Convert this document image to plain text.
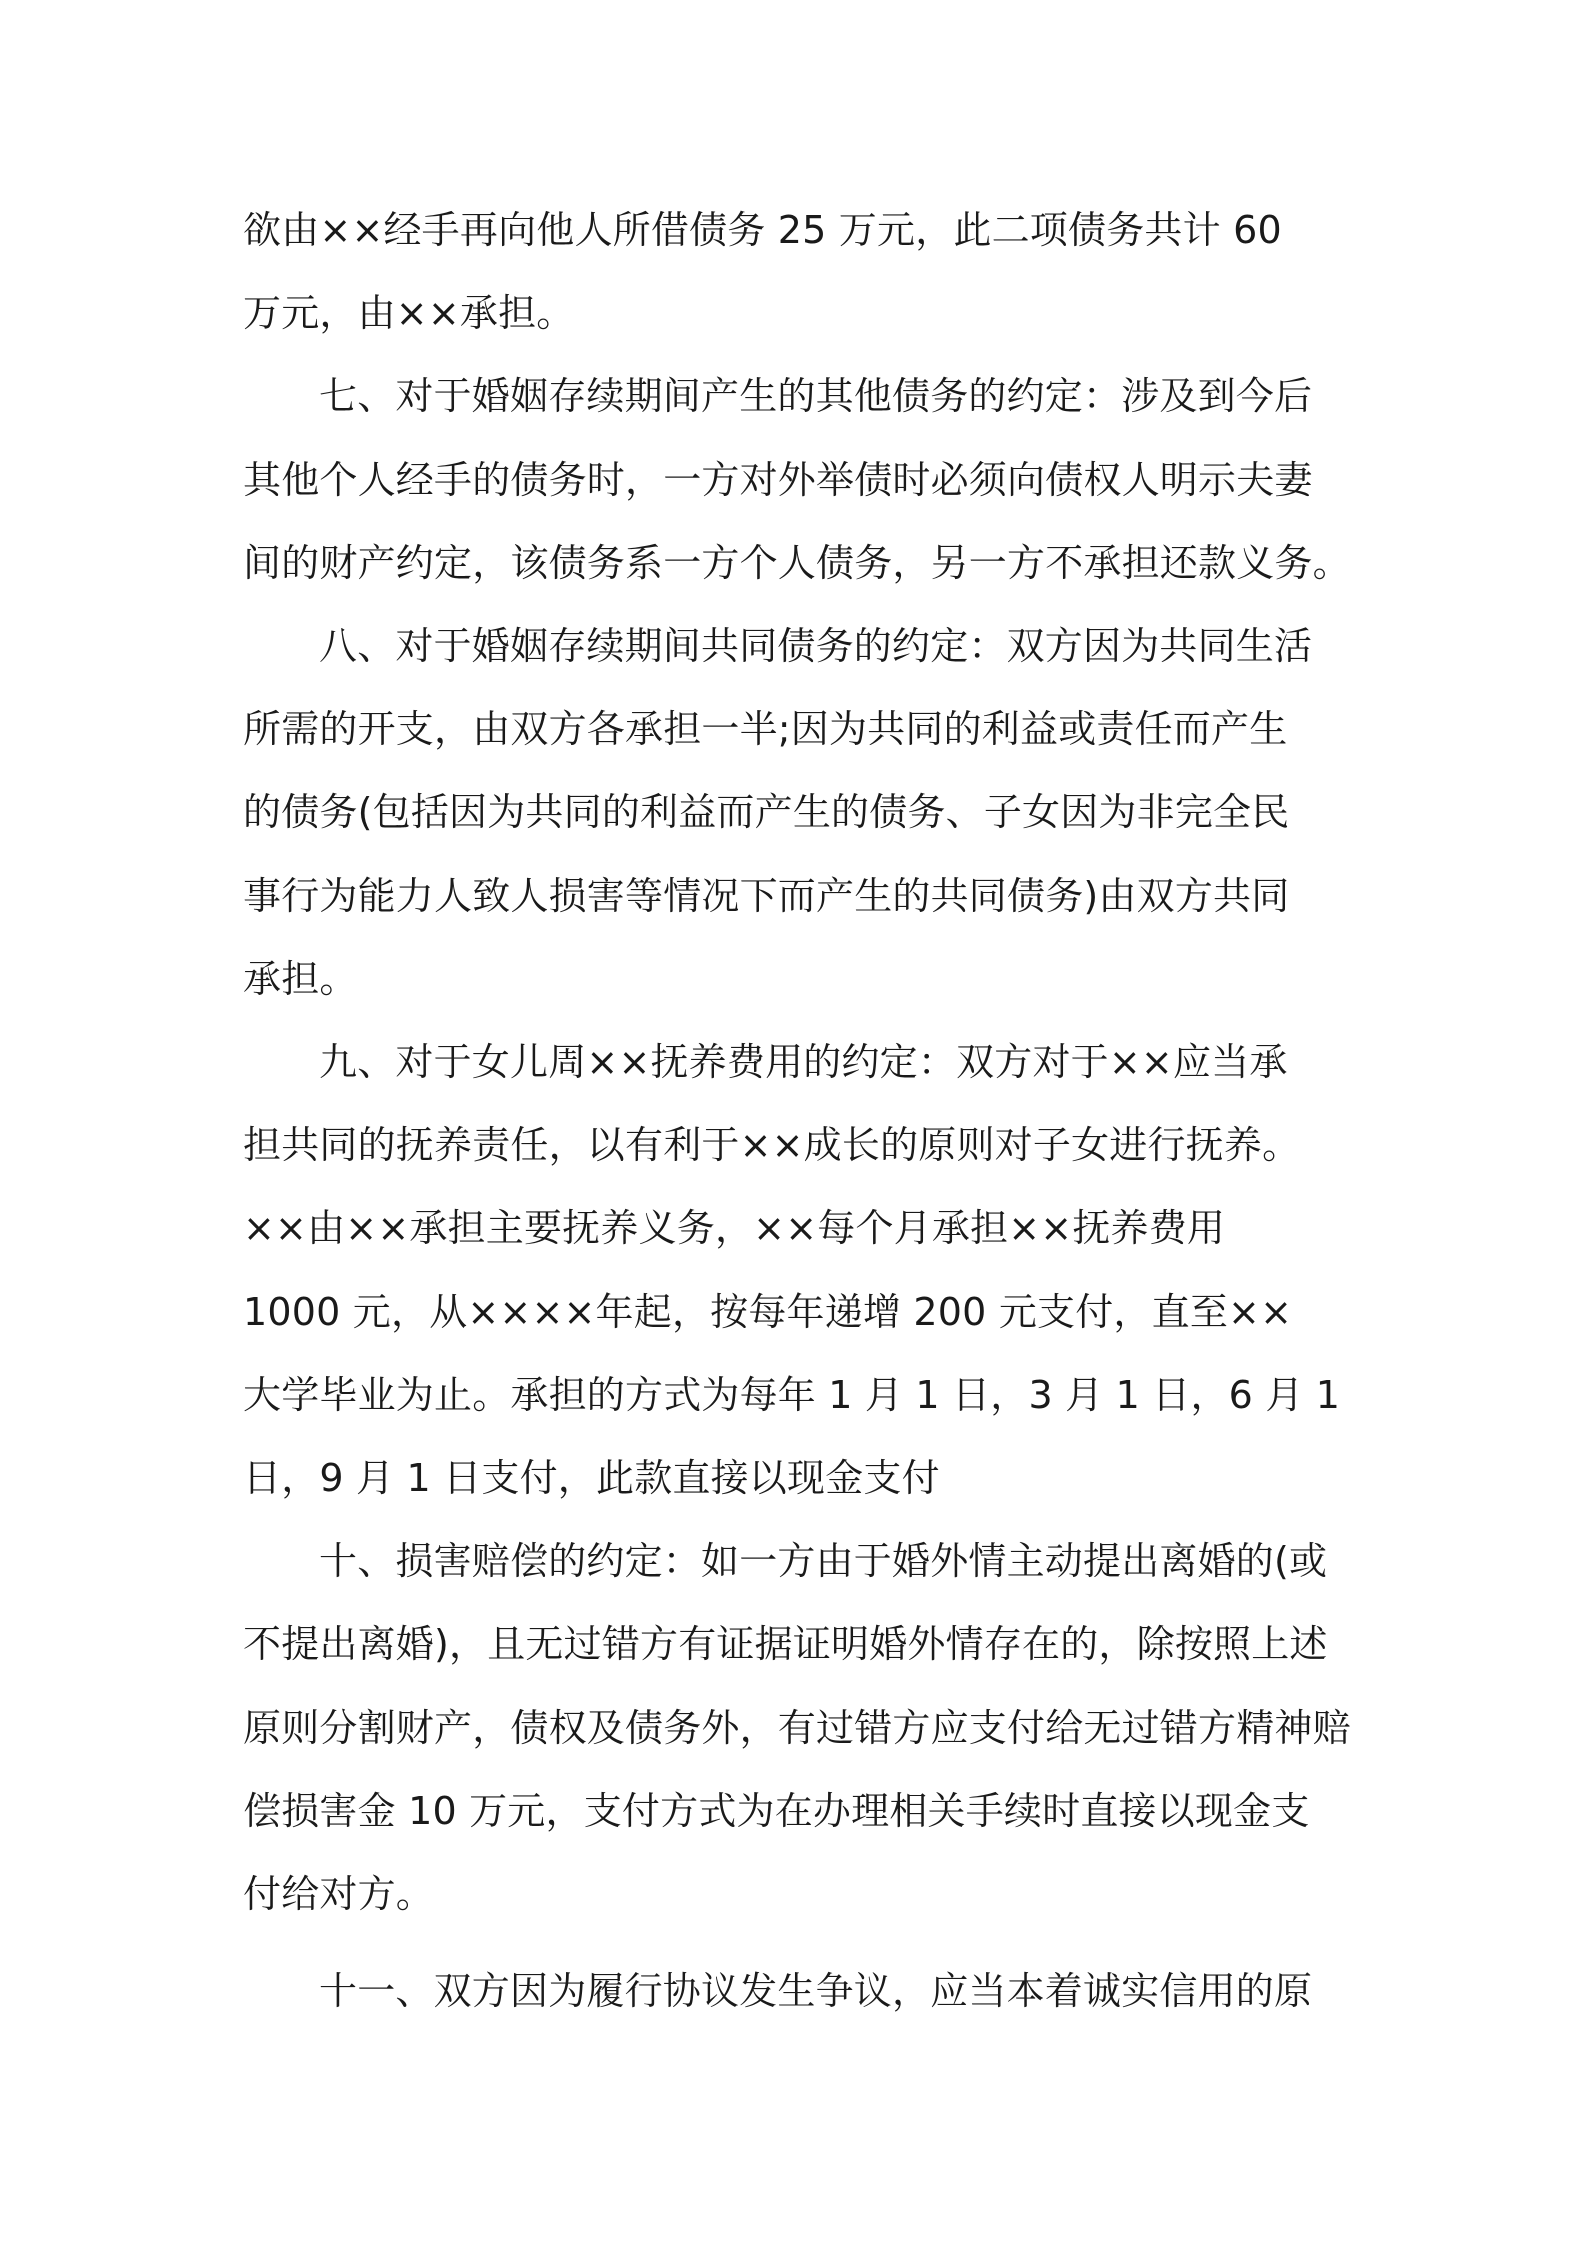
欲由××经手再向他人所借债务 25 万元，此二项债务共计 60
万元，由××承担。
七、对于婚姻存续期间产生的其他债务的约定：涉及到今后
其他个人经手的债务时，一方对外举债时必须向债权人明示夫妻
间的财产约定，该债务系一方个人债务，另一方不承担还款义务。
八、对于婚姻存续期间共同债务的约定：双方因为共同生活
所需的开支，由双方各承担一半;因为共同的利益或责任而产生
的债务(包括因为共同的利益而产生的债务、子女因为非完全民
事行为能力人致人损害等情况下而产生的共同债务)由双方共同
承担。
九、对于女儿周××抚养费用的约定：双方对于××应当承
担共同的抚养责任，以有利于××成长的原则对子女进行抚养。
××由××承担主要抚养义务，××每个月承担××抚养费用
1000 元，从××××年起，按每年递增 200 元支付，直至××
大学毕业为止。承担的方式为每年 1 月 1 日，3 月 1 日，6 月 1
日，9 月 1 日支付，此款直接以现金支付
十、损害赔偿的约定：如一方由于婚外情主动提出离婚的(或
不提出离婚)，且无过错方有证据证明婚外情存在的，除按照上述
原则分割财产，债权及债务外，有过错方应支付给无过错方精神赔
偿损害金 10 万元，支付方式为在办理相关手续时直接以现金支
付给对方。
十一、双方因为履行协议发生争议，应当本着诚实信用的原
